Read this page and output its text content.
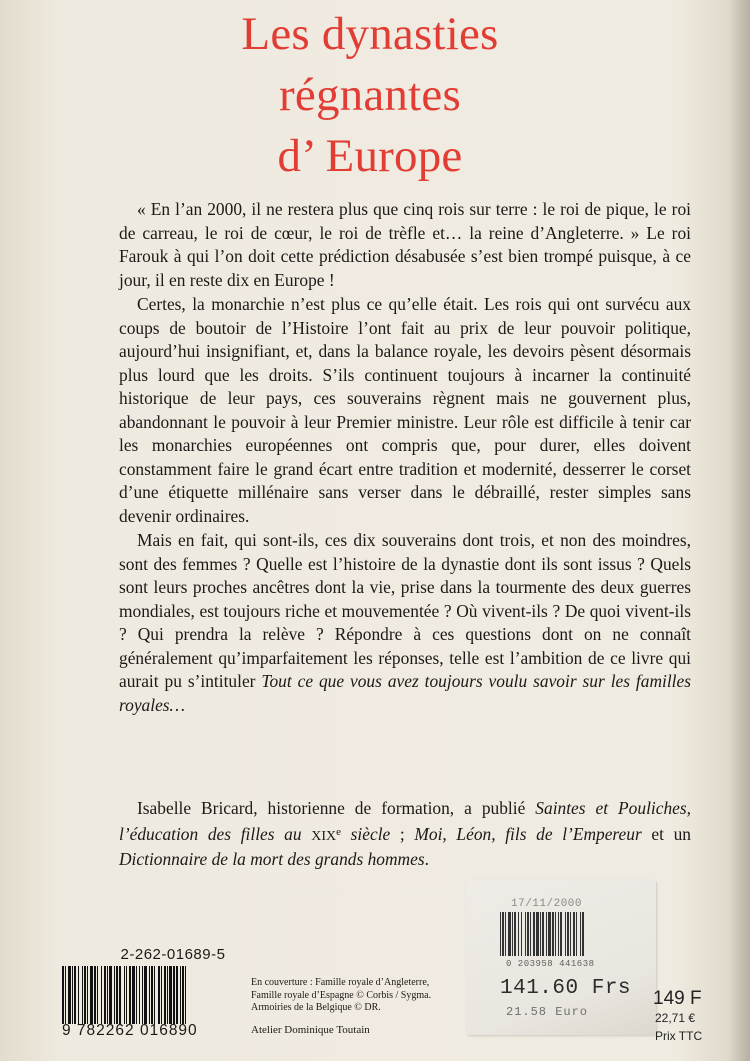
Les dynasties
régnantes
d’ Europe

« En l’an 2000, il ne restera plus que cinq rois sur terre : le roi de pique, le roi de carreau, le roi de cœur, le roi de trèfle et… la reine d’Angleterre. » Le roi Farouk à qui l’on doit cette prédiction désabusée s’est bien trompé puisque, à ce jour, il en reste dix en Europe !

Certes, la monarchie n’est plus ce qu’elle était. Les rois qui ont survécu aux coups de boutoir de l’Histoire l’ont fait au prix de leur pouvoir politique, aujourd’hui insignifiant, et, dans la balance royale, les devoirs pèsent désormais plus lourd que les droits. S’ils continuent toujours à incarner la continuité historique de leur pays, ces souverains règnent mais ne gouvernent plus, abandonnant le pouvoir à leur Premier ministre. Leur rôle est difficile à tenir car les monarchies européennes ont compris que, pour durer, elles doivent constamment faire le grand écart entre tradition et modernité, desserrer le corset d’une étiquette millénaire sans verser dans le débraillé, rester simples sans devenir ordinaires.

Mais en fait, qui sont-ils, ces dix souverains dont trois, et non des moindres, sont des femmes ? Quelle est l’histoire de la dynastie dont ils sont issus ? Quels sont leurs proches ancêtres dont la vie, prise dans la tourmente des deux guerres mondiales, est toujours riche et mouvementée ? Où vivent-ils ? De quoi vivent-ils ? Qui prendra la relève ? Répondre à ces questions dont on ne connaît généralement qu’imparfaitement les réponses, telle est l’ambition de ce livre qui aurait pu s’intituler Tout ce que vous avez toujours voulu savoir sur les familles royales…

Isabelle Bricard, historienne de formation, a publié Saintes et Pouliches, l’éducation des filles au XIXe siècle ; Moi, Léon, fils de l’Empereur et un Dictionnaire de la mort des grands hommes.

2-262-01689-5
9 782262 016890
En couverture : Famille royale d’Angleterre, Famille royale d’Espagne © Corbis / Sygma. Armoiries de la Belgique © DR.
Atelier Dominique Toutain
17/11/2000
0 203958 441638
141.60 Frs
21.58 Euro
149 F
22,71 €
Prix TTC
